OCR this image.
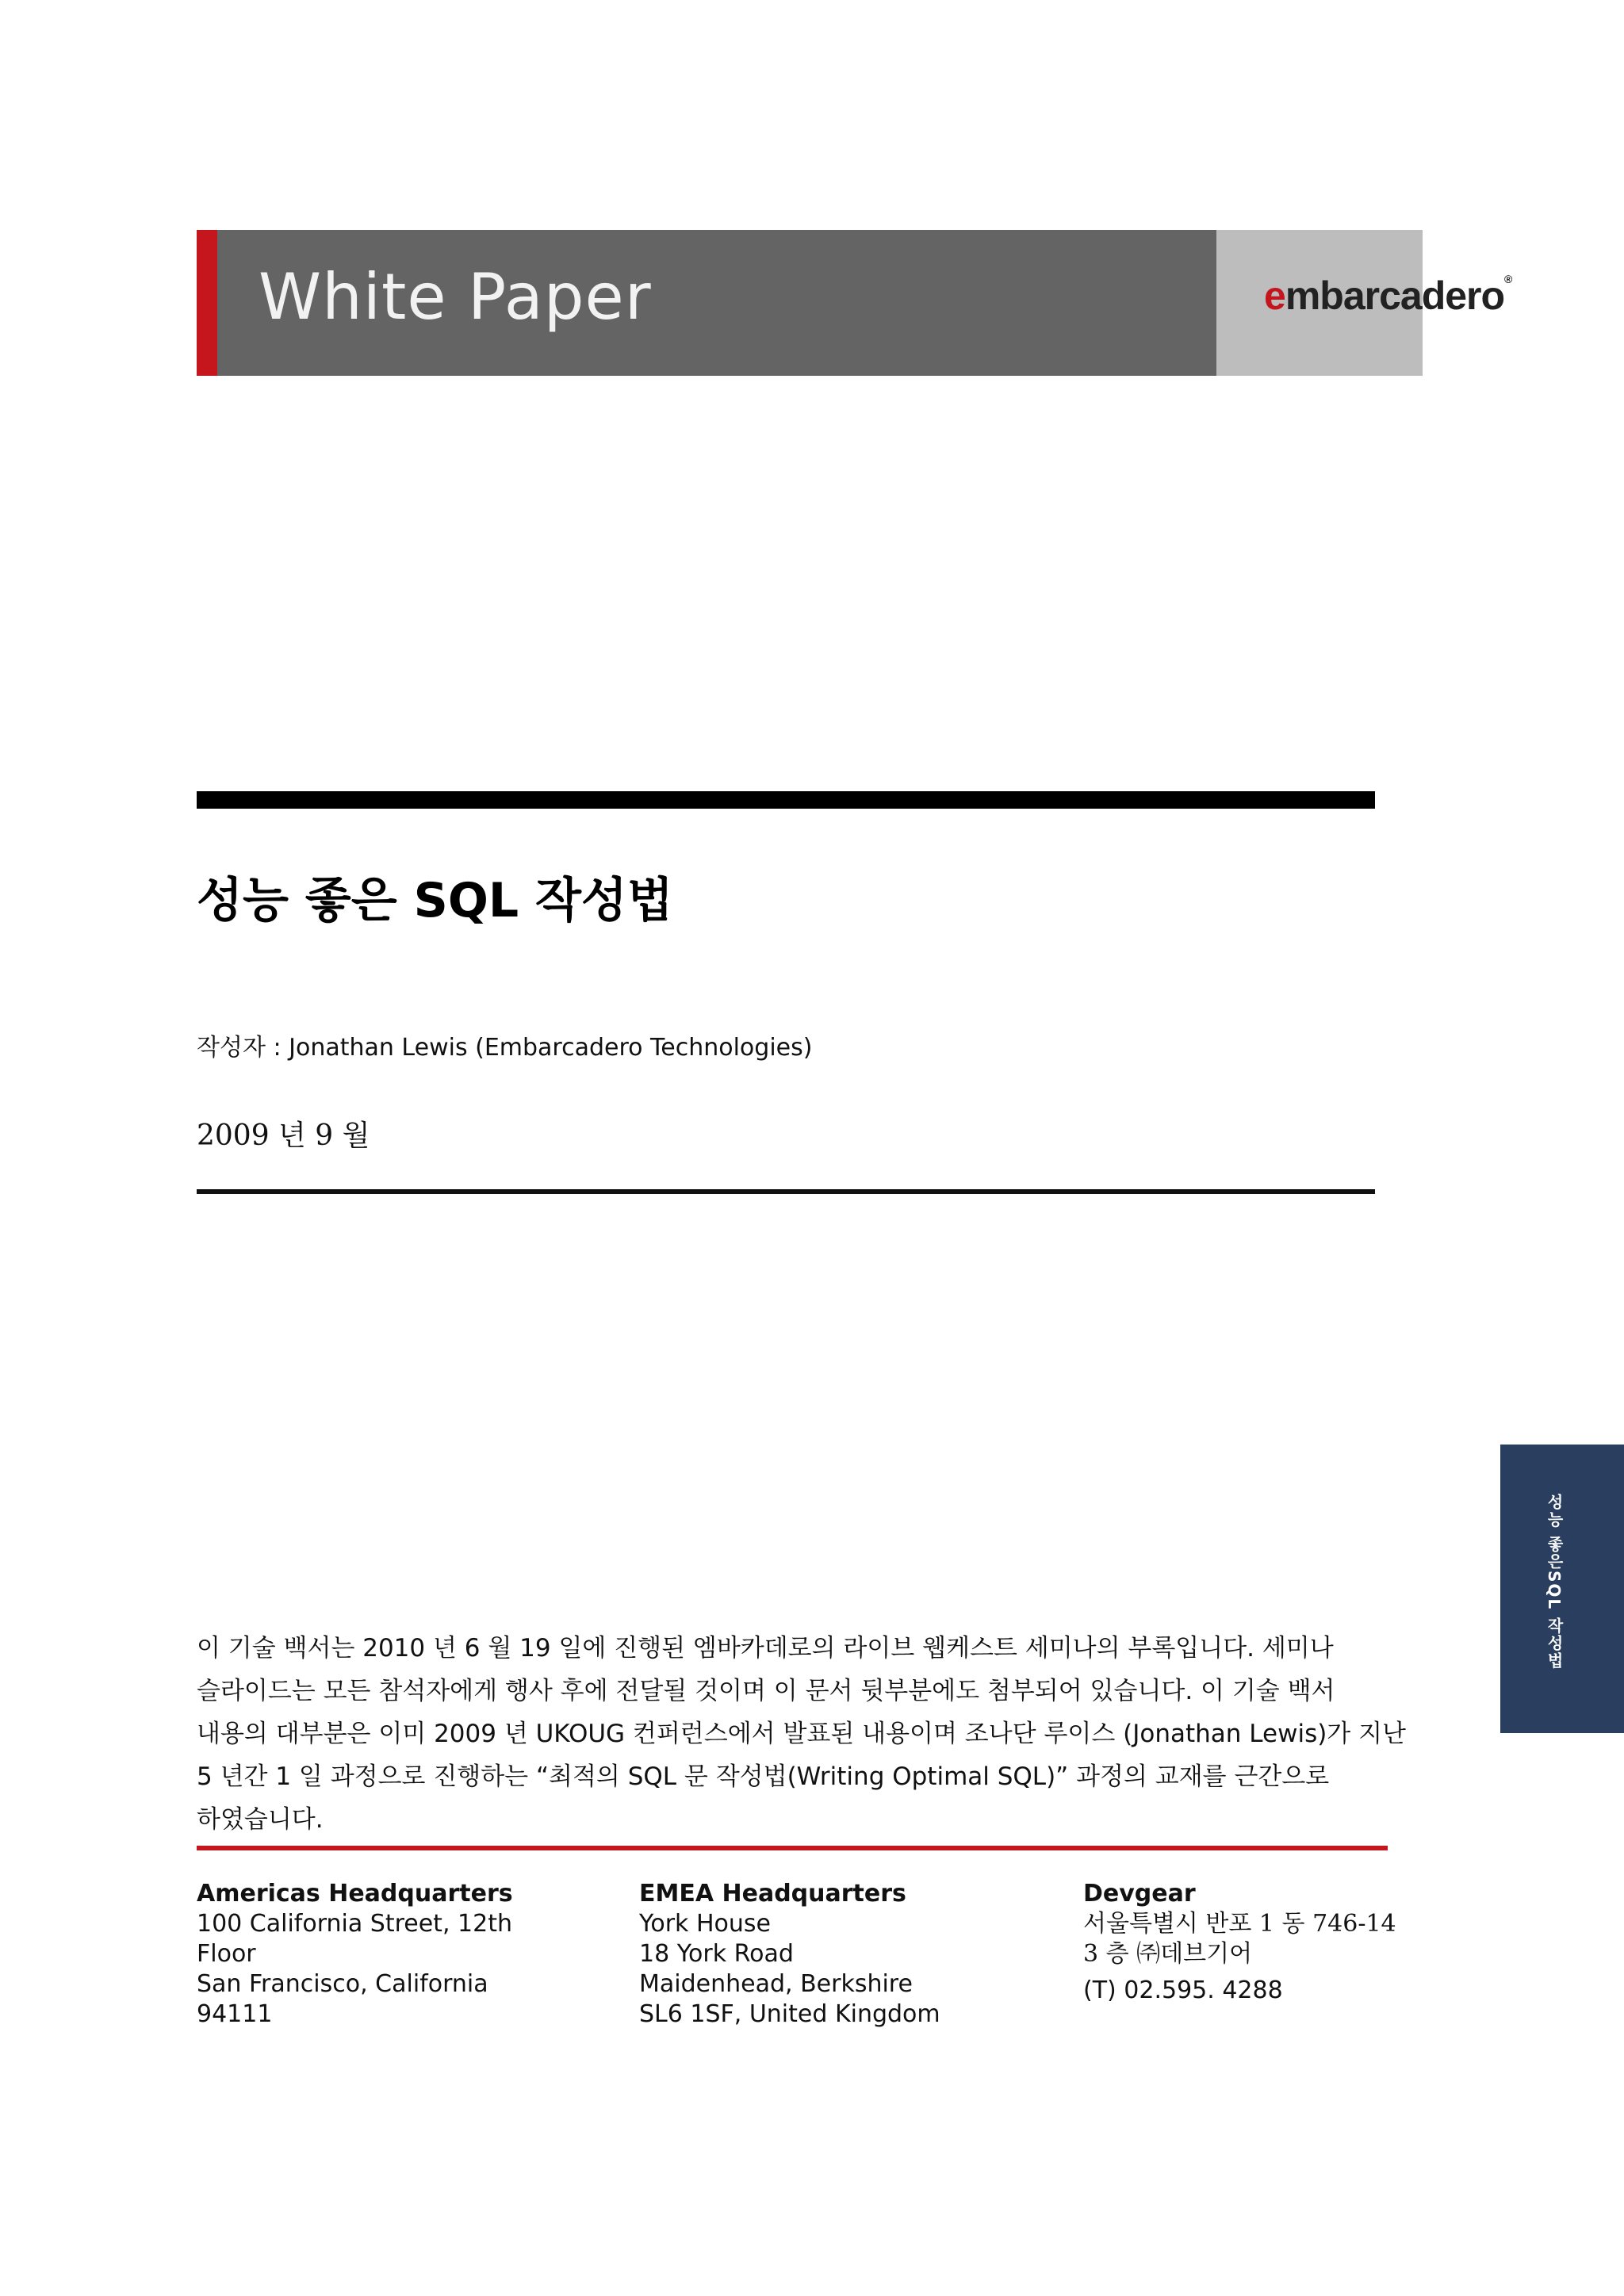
White Paper	embarcadero®
성능 좋은 SQL 작성법
작성자 : Jonathan Lewis (Embarcadero Technologies)
2009 년 9 월
성능 좋은SQL 작성법
이 기술 백서는 2010 년 6 월 19 일에 진행된 엠바카데로의 라이브 웹케스트 세미나의 부록입니다. 세미나
슬라이드는 모든 참석자에게 행사 후에 전달될 것이며 이 문서 뒷부분에도 첨부되어 있습니다. 이 기술 백서
내용의 대부분은 이미 2009 년 UKOUG 컨퍼런스에서 발표된 내용이며 조나단 루이스 (Jonathan Lewis)가 지난
5 년간 1 일 과정으로 진행하는 “최적의 SQL 문 작성법(Writing Optimal SQL)” 과정의 교재를 근간으로
하였습니다.
Americas Headquarters
100 California Street, 12th
Floor
San Francisco, California
94111
EMEA Headquarters
York House
18 York Road
Maidenhead, Berkshire
SL6 1SF, United Kingdom
Devgear
서울특별시 반포 1 동 746-14
3 층 ㈜데브기어
(T) 02.595. 4288
